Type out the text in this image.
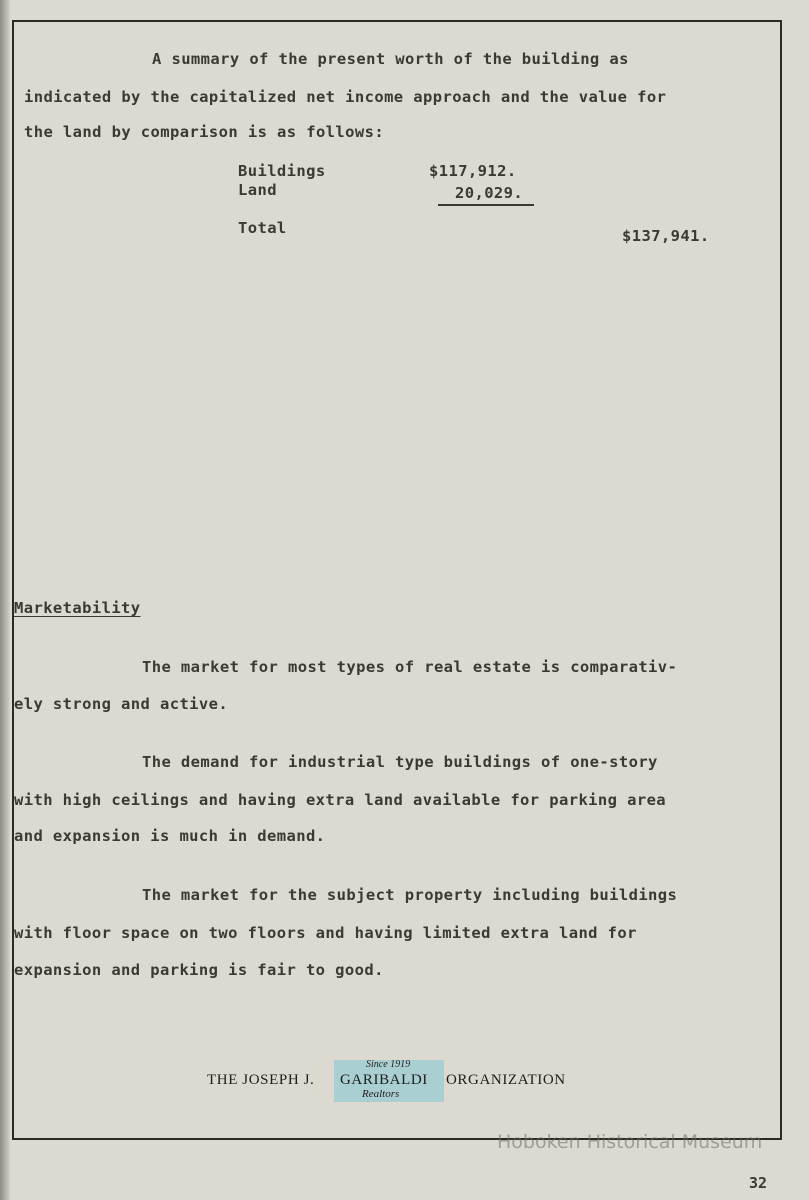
A summary of the present worth of the building as
indicated by the capitalized net income approach and the value for
the land by comparison is as follows:
Buildings	$117,912.
Land	20,029.
Total	$137,941.
Marketability
The market for most types of real estate is comparativ-
ely strong and active.
The demand for industrial type buildings of one-story
with high ceilings and having extra land available for parking area
and expansion is much in demand.
The market for the subject property including buildings
with floor space on two floors and having limited extra land for
expansion and parking is fair to good.
THE JOSEPH J.
Since 1919
GARIBALDI
Realtors
ORGANIZATION
Hoboken Historical Museum
32
